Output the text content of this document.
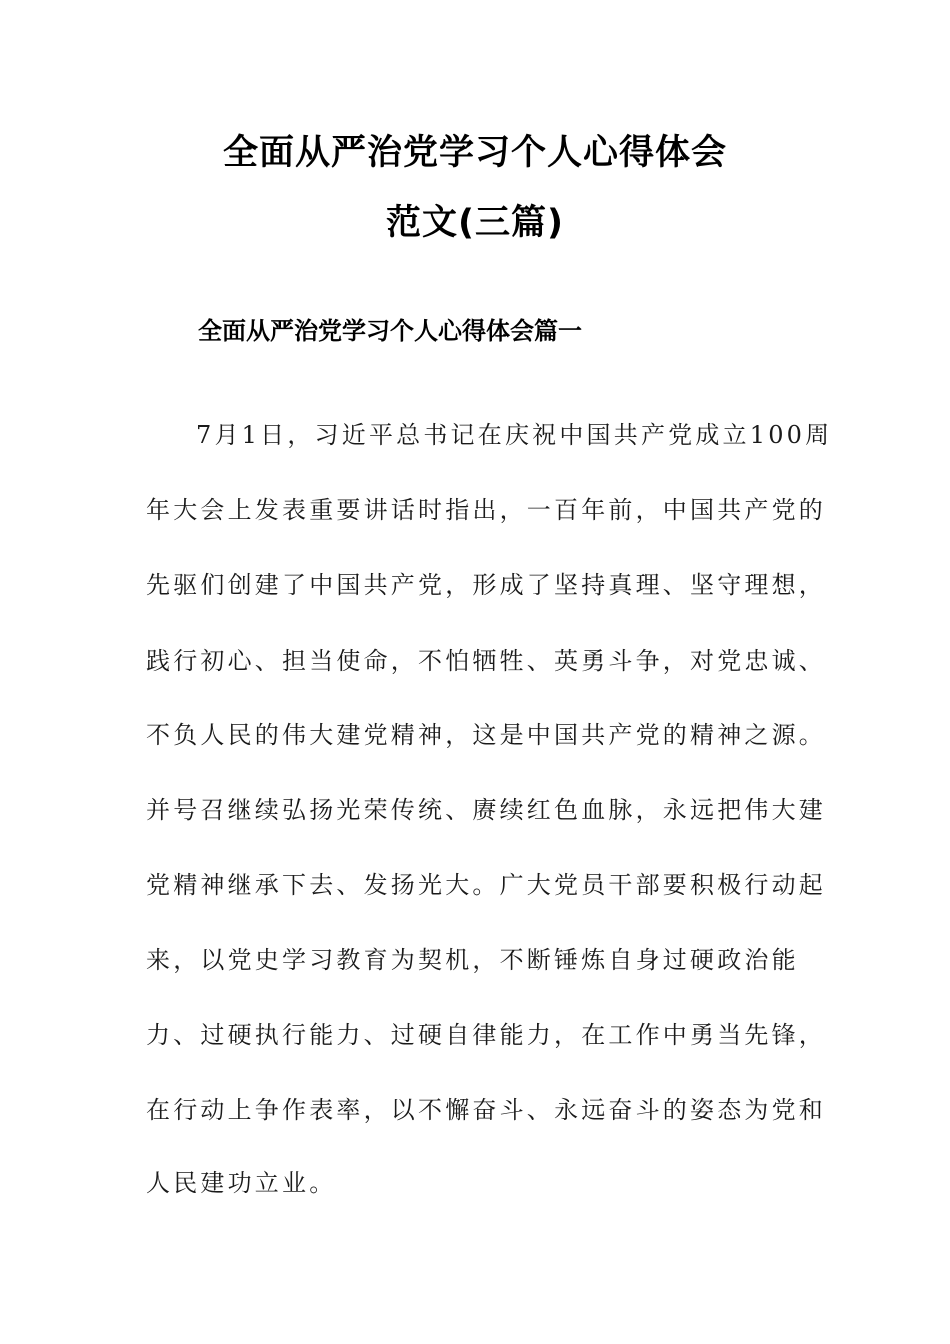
全面从严治党学习个人心得体会
范文(三篇)
全面从严治党学习个人心得体会篇一
7月1日，习近平总书记在庆祝中国共产党成立100周
年大会上发表重要讲话时指出，一百年前，中国共产党的
先驱们创建了中国共产党，形成了坚持真理、坚守理想，
践行初心、担当使命，不怕牺牲、英勇斗争，对党忠诚、
不负人民的伟大建党精神，这是中国共产党的精神之源。
并号召继续弘扬光荣传统、赓续红色血脉，永远把伟大建
党精神继承下去、发扬光大。广大党员干部要积极行动起
来，以党史学习教育为契机，不断锤炼自身过硬政治能
力、过硬执行能力、过硬自律能力，在工作中勇当先锋，
在行动上争作表率，以不懈奋斗、永远奋斗的姿态为党和
人民建功立业。
